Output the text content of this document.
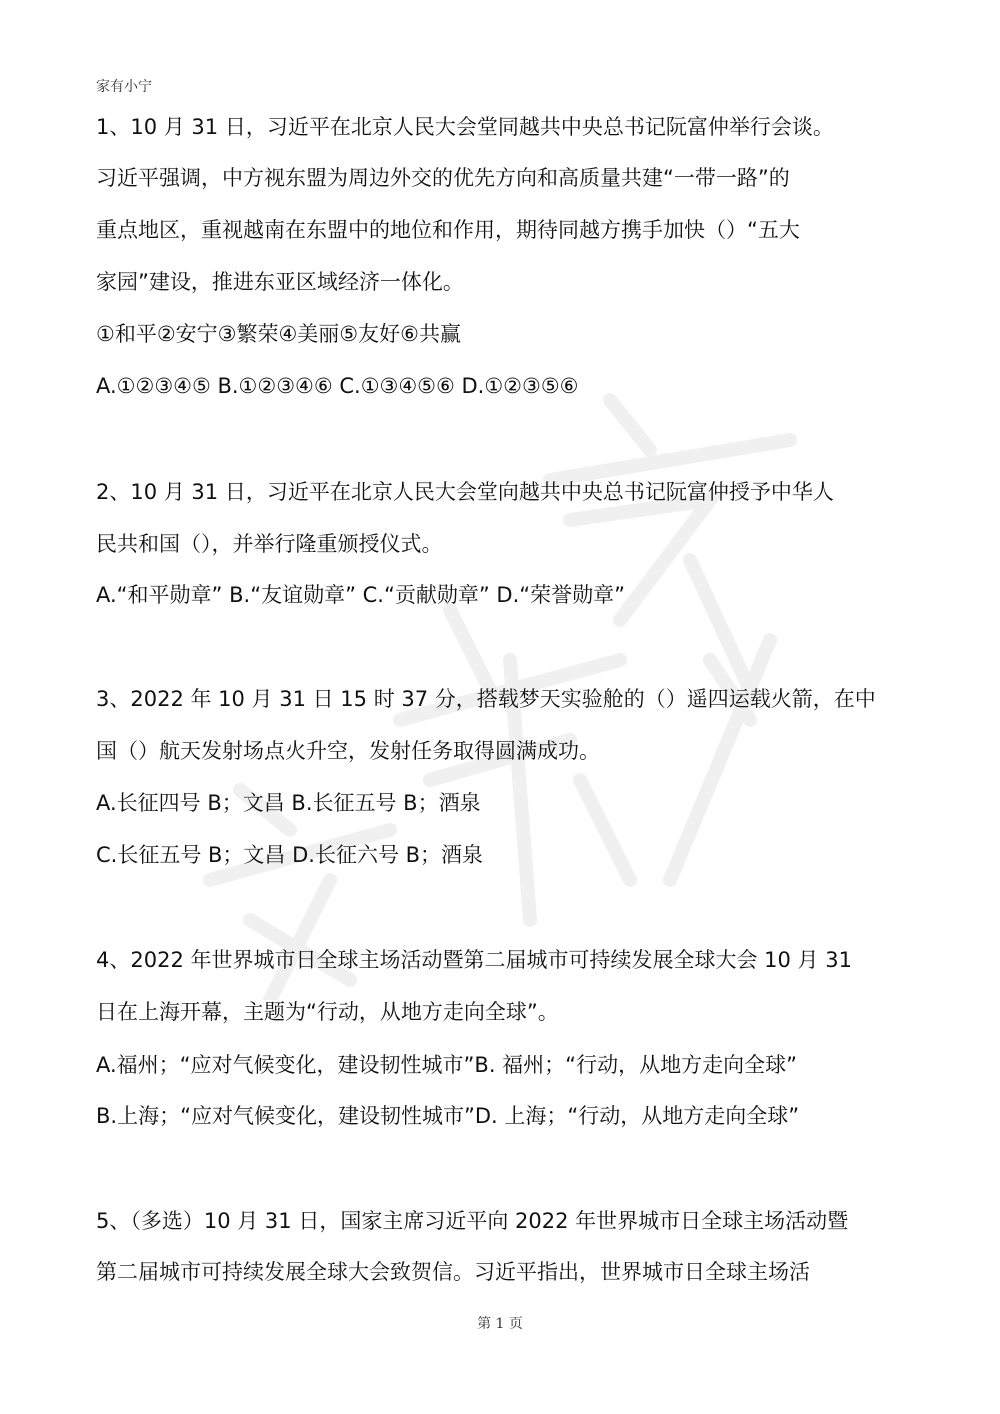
家有小宁
1、10 月 31 日，习近平在北京人民大会堂同越共中央总书记阮富仲举行会谈。
习近平强调，中方视东盟为周边外交的优先方向和高质量共建“一带一路”的
重点地区，重视越南在东盟中的地位和作用，期待同越方携手加快（）“五大
家园”建设，推进东亚区域经济一体化。
①和平②安宁③繁荣④美丽⑤友好⑥共赢
A.①②③④⑤ B.①②③④⑥ C.①③④⑤⑥ D.①②③⑤⑥
2、10 月 31 日，习近平在北京人民大会堂向越共中央总书记阮富仲授予中华人
民共和国（），并举行隆重颁授仪式。
A.“和平勋章” B.“友谊勋章” C.“贡献勋章” D.“荣誉勋章”
3、2022 年 10 月 31 日 15 时 37 分，搭载梦天实验舱的（）遥四运载火箭，在中
国（）航天发射场点火升空，发射任务取得圆满成功。
A.长征四号 B；文昌 B.长征五号 B；酒泉
C.长征五号 B；文昌 D.长征六号 B；酒泉
4、2022 年世界城市日全球主场活动暨第二届城市可持续发展全球大会 10 月 31
日在上海开幕，主题为“行动，从地方走向全球”。
A.福州；“应对气候变化，建设韧性城市”B. 福州；“行动，从地方走向全球”
B.上海；“应对气候变化，建设韧性城市”D. 上海；“行动，从地方走向全球”
5、（多选）10 月 31 日，国家主席习近平向 2022 年世界城市日全球主场活动暨
第二届城市可持续发展全球大会致贺信。习近平指出，世界城市日全球主场活
第 1 页
